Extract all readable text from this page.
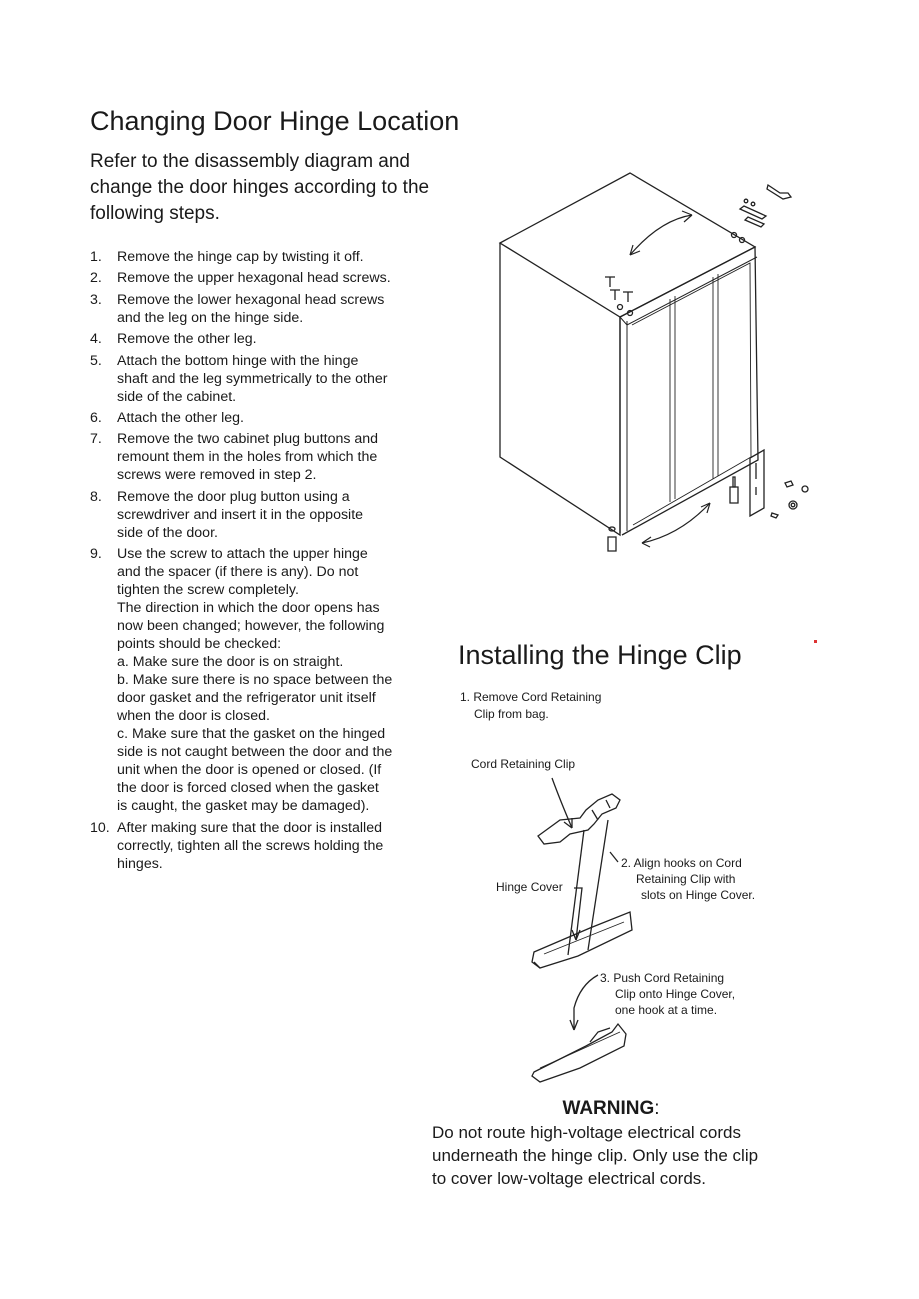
Changing Door Hinge Location

Refer to the disassembly diagram and change the door hinges according to the following steps.

1. Remove the hinge cap by twisting it off.
2. Remove the upper hexagonal head screws.
3. Remove the lower hexagonal head screws
and the leg on the hinge side.
4. Remove the other leg.
5. Attach the bottom hinge with the hinge
shaft and the leg symmetrically to the other
side of the cabinet.
6. Attach the other leg.
7. Remove the two cabinet plug buttons and
remount them in the holes from which the
screws were removed in step 2.
8. Remove the door plug button using a
screwdriver and insert it in the opposite
side of the door.
9. Use the screw to attach the upper hinge
and the spacer (if there is any). Do not
tighten the screw completely.
The direction in which the door opens has
now been changed; however, the following
points should be checked:
a. Make sure the door is on straight.
b. Make sure there is no space between the
door gasket and the refrigerator unit itself
when the door is closed.
c. Make sure that the gasket on the hinged
side is not caught between the door and the
unit when the door is opened or closed. (If
the door is forced closed when the gasket
is caught, the gasket may be damaged).
10. After making sure that the door is installed
correctly, tighten all the screws holding the
hinges.
Installing the Hinge Clip

1. Remove Cord Retaining
Clip from bag.

Cord Retaining Clip
Hinge Cover
2. Align hooks on Cord
Retaining Clip with
slots on Hinge Cover.
3. Push Cord Retaining
Clip onto Hinge Cover,
one hook at a time.
WARNING:

Do not route high-voltage electrical cords underneath the hinge clip. Only use the clip to cover low-voltage electrical cords.
